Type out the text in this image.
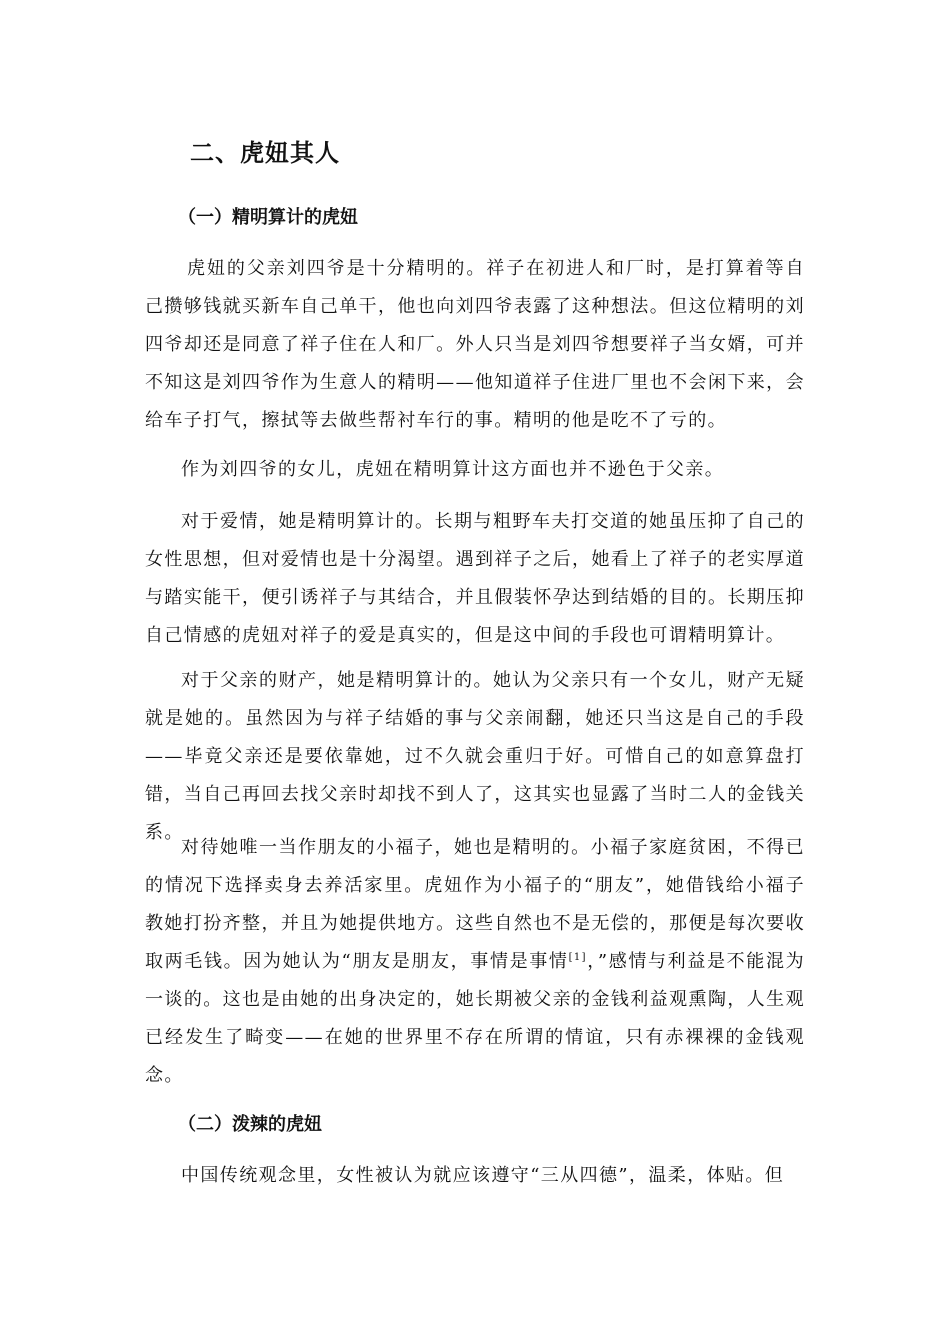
二、虎妞其人
（一）精明算计的虎妞

虎妞的父亲刘四爷是十分精明的。祥子在初进人和厂时，是打算着等自己攒够钱就买新车自己单干，他也向刘四爷表露了这种想法。但这位精明的刘四爷却还是同意了祥子住在人和厂。外人只当是刘四爷想要祥子当女婿，可并不知这是刘四爷作为生意人的精明——他知道祥子住进厂里也不会闲下来，会给车子打气，擦拭等去做些帮衬车行的事。精明的他是吃不了亏的。

作为刘四爷的女儿，虎妞在精明算计这方面也并不逊色于父亲。

对于爱情，她是精明算计的。长期与粗野车夫打交道的她虽压抑了自己的女性思想，但对爱情也是十分渴望。遇到祥子之后，她看上了祥子的老实厚道与踏实能干，便引诱祥子与其结合，并且假装怀孕达到结婚的目的。长期压抑自己情感的虎妞对祥子的爱是真实的，但是这中间的手段也可谓精明算计。

对于父亲的财产，她是精明算计的。她认为父亲只有一个女儿，财产无疑就是她的。虽然因为与祥子结婚的事与父亲闹翻，她还只当这是自己的手段——毕竟父亲还是要依靠她，过不久就会重归于好。可惜自己的如意算盘打错，当自己再回去找父亲时却找不到人了，这其实也显露了当时二人的金钱关系。

对待她唯一当作朋友的小福子，她也是精明的。小福子家庭贫困，不得已的情况下选择卖身去养活家里。虎妞作为小福子的“朋友”，她借钱给小福子教她打扮齐整，并且为她提供地方。这些自然也不是无偿的，那便是每次要收取两毛钱。因为她认为“朋友是朋友，事情是事情[1]，”感情与利益是不能混为一谈的。这也是由她的出身决定的，她长期被父亲的金钱利益观熏陶，人生观已经发生了畸变——在她的世界里不存在所谓的情谊，只有赤裸裸的金钱观念。

（二）泼辣的虎妞

中国传统观念里，女性被认为就应该遵守“三从四德”，温柔，体贴。但
